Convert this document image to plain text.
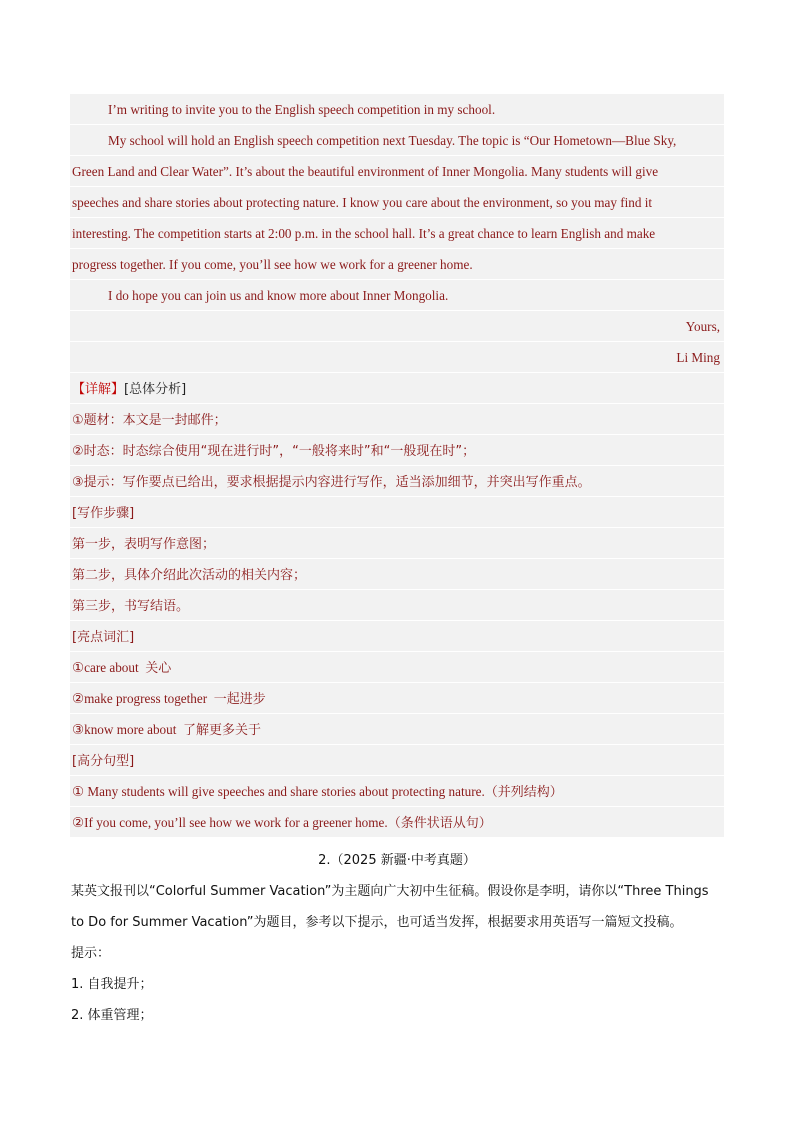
I’m writing to invite you to the English speech competition in my school.
My school will hold an English speech competition next Tuesday. The topic is “Our Hometown—Blue Sky,
Green Land and Clear Water”. It’s about the beautiful environment of Inner Mongolia. Many students will give
speeches and share stories about protecting nature. I know you care about the environment, so you may find it
interesting. The competition starts at 2:00 p.m. in the school hall. It’s a great chance to learn English and make
progress together. If you come, you’ll see how we work for a greener home.
I do hope you can join us and know more about Inner Mongolia.
Yours,
Li Ming
【详解】[总体分析]
①题材：本文是一封邮件；
②时态：时态综合使用“现在进行时”，“一般将来时”和“一般现在时”；
③提示：写作要点已给出，要求根据提示内容进行写作，适当添加细节，并突出写作重点。
[写作步骤]
第一步，表明写作意图；
第二步，具体介绍此次活动的相关内容；
第三步，书写结语。
[亮点词汇]
①care about 关心
②make progress together 一起进步
③know more about 了解更多关于
[高分句型]
① Many students will give speeches and share stories about protecting nature.（并列结构）
②If you come, you’ll see how we work for a greener home.（条件状语从句）
2.（2025 新疆·中考真题）
某英文报刊以“Colorful Summer Vacation”为主题向广大初中生征稿。假设你是李明，请你以“Three Things
to Do for Summer Vacation”为题目，参考以下提示，也可适当发挥，根据要求用英语写一篇短文投稿。
提示：
1. 自我提升；
2. 体重管理；
